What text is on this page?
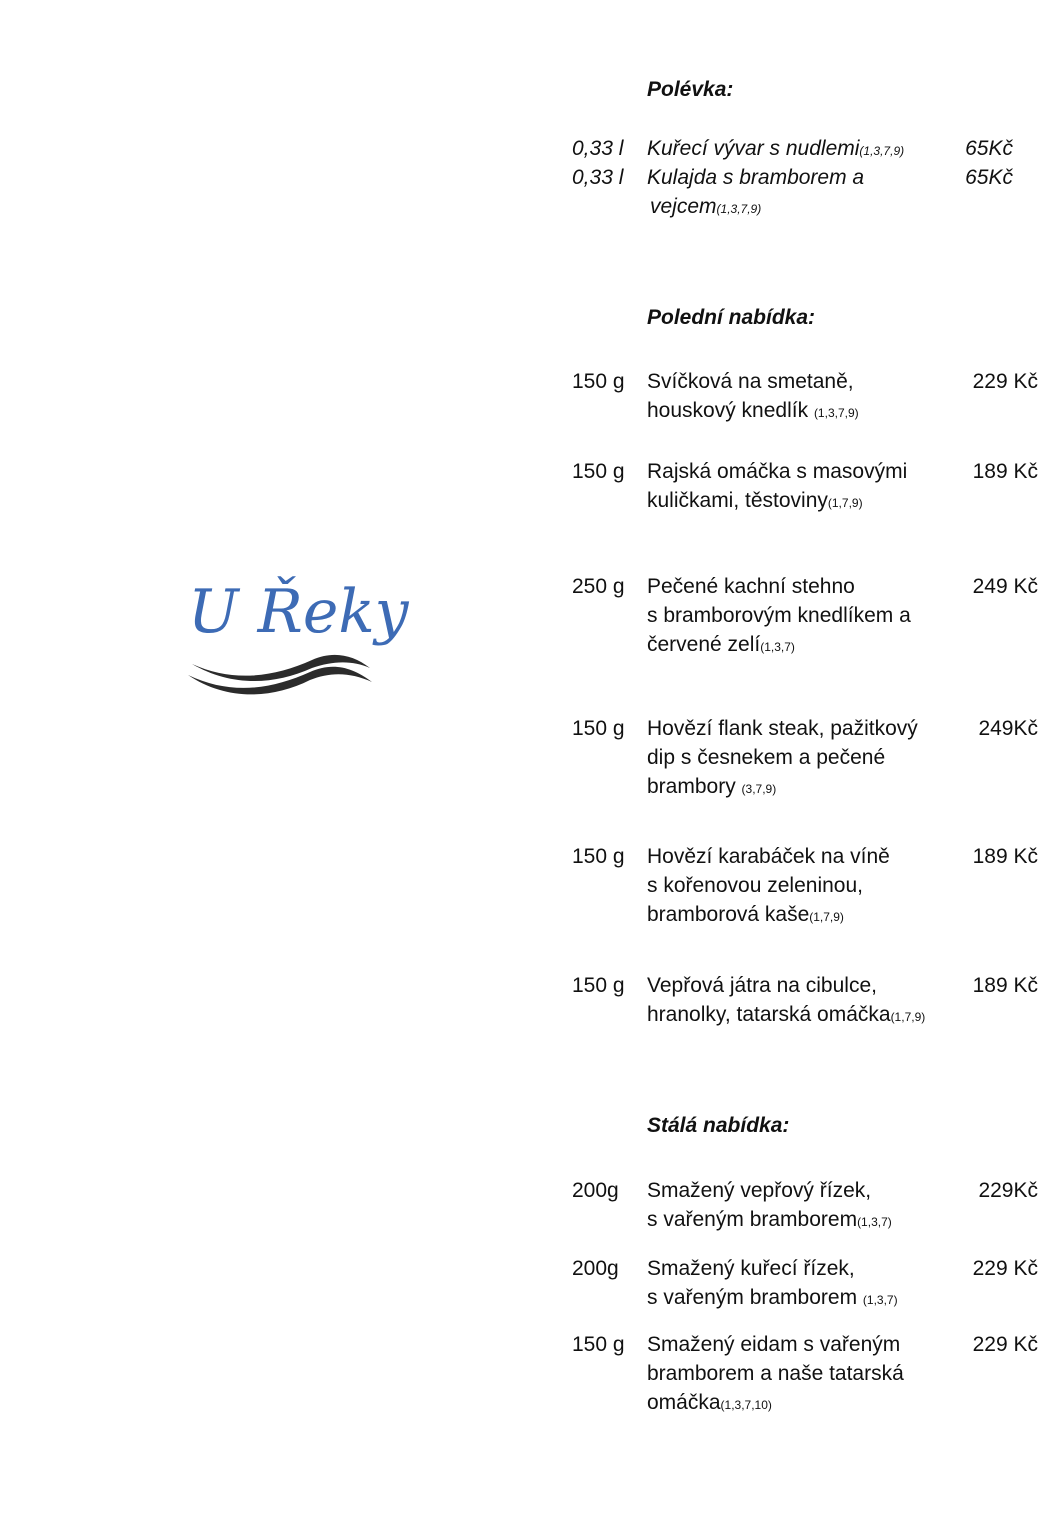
U Řeky
Polévka:
0,33 l Kuřecí vývar s nudlemi(1,3,7,9)	65Kč
0,33 l Kulajda s bramborem a
vejcem(1,3,7,9)
65Kč
Polední nabídka:
150 g Svíčková na smetaně,
houskový knedlík (1,3,7,9)
229 Kč
150 g Rajská omáčka s masovými
kuličkami, těstoviny(1,7,9)
189 Kč
250 g Pečené kachní stehno
s bramborovým knedlíkem a
červené zelí(1,3,7)
249 Kč
150 g Hovězí flank steak, pažitkový
dip s česnekem a pečené
brambory (3,7,9)
249Kč
150 g Hovězí karabáček na víně
s kořenovou zeleninou,
bramborová kaše(1,7,9)
189 Kč
150 g Vepřová játra na cibulce,
hranolky, tatarská omáčka(1,7,9)
189 Kč
Stálá nabídka:
200g Smažený vepřový řízek,
s vařeným bramborem(1,3,7)
229Kč
200g Smažený kuřecí řízek,
s vařeným bramborem (1,3,7)
229 Kč
150 g Smažený eidam s vařeným
bramborem a naše tatarská
omáčka(1,3,7,10)
229 Kč
